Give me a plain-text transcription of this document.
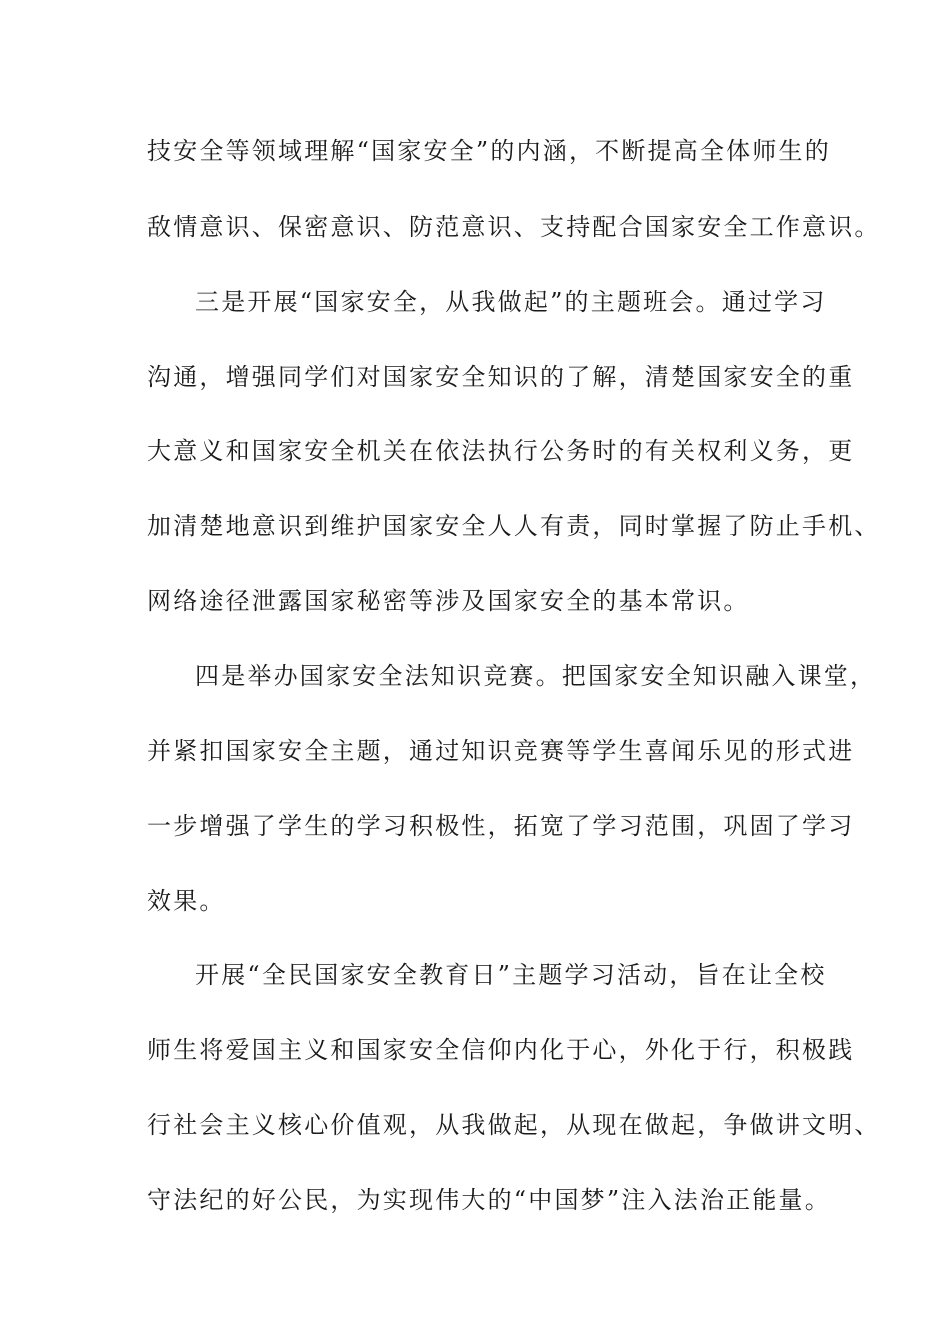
技安全等领域理解“国家安全”的内涵，不断提高全体师生的
敌情意识、保密意识、防范意识、支持配合国家安全工作意识。
三是开展“国家安全，从我做起”的主题班会。通过学习
沟通，增强同学们对国家安全知识的了解，清楚国家安全的重
大意义和国家安全机关在依法执行公务时的有关权利义务，更
加清楚地意识到维护国家安全人人有责，同时掌握了防止手机、
网络途径泄露国家秘密等涉及国家安全的基本常识。
四是举办国家安全法知识竞赛。把国家安全知识融入课堂，
并紧扣国家安全主题，通过知识竞赛等学生喜闻乐见的形式进
一步增强了学生的学习积极性，拓宽了学习范围，巩固了学习
效果。
开展“全民国家安全教育日”主题学习活动，旨在让全校
师生将爱国主义和国家安全信仰内化于心，外化于行，积极践
行社会主义核心价值观，从我做起，从现在做起，争做讲文明、
守法纪的好公民，为实现伟大的“中国梦”注入法治正能量。
